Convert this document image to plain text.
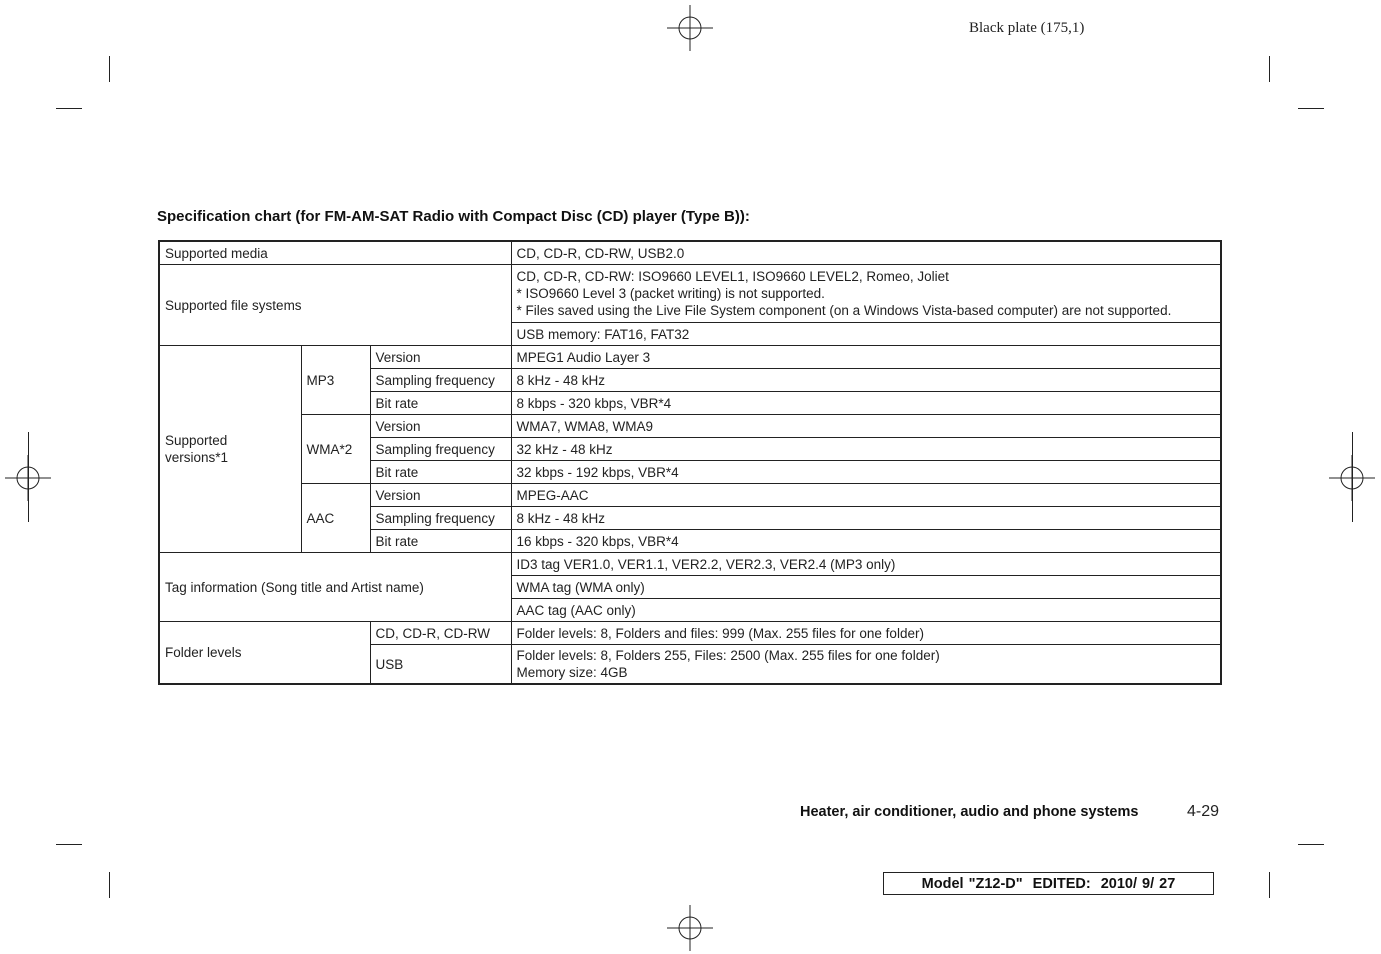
Black plate (175,1)
Specification chart (for FM-AM-SAT Radio with Compact Disc (CD) player (Type B)):
Supported media			CD, CD-R, CD-RW, USB2.0
Supported file systems			CD, CD-R, CD-RW: ISO9660 LEVEL1, ISO9660 LEVEL2, Romeo, Joliet
* ISO9660 Level 3 (packet writing) is not supported.
* Files saved using the Live File System component (on a Windows Vista-based computer) are not supported.

			USB memory: FAT16, FAT32

Supported
versions*1	MP3	Version	MPEG1 Audio Layer 3
		Sampling frequency	8 kHz - 48 kHz
		Bit rate	8 kbps - 320 kbps, VBR*4
	WMA*2	Version	WMA7, WMA8, WMA9
		Sampling frequency	32 kHz - 48 kHz
		Bit rate	32 kbps - 192 kbps, VBR*4
	AAC	Version	MPEG-AAC
		Sampling frequency	8 kHz - 48 kHz
		Bit rate	16 kbps - 320 kbps, VBR*4
Tag information (Song title and Artist name)			ID3 tag VER1.0, VER1.1, VER2.2, VER2.3, VER2.4 (MP3 only)
			WMA tag (WMA only)
			AAC tag (AAC only)
Folder levels		CD, CD-R, CD-RW	Folder levels: 8, Folders and files: 999 (Max. 255 files for one folder)
		USB	Folder levels: 8, Folders 255, Files: 2500 (Max. 255 files for one folder)
Memory size: 4GB
Heater, air conditioner, audio and phone systems	4-29
Model "Z12-D"  EDITED:  2010/ 9/ 27
